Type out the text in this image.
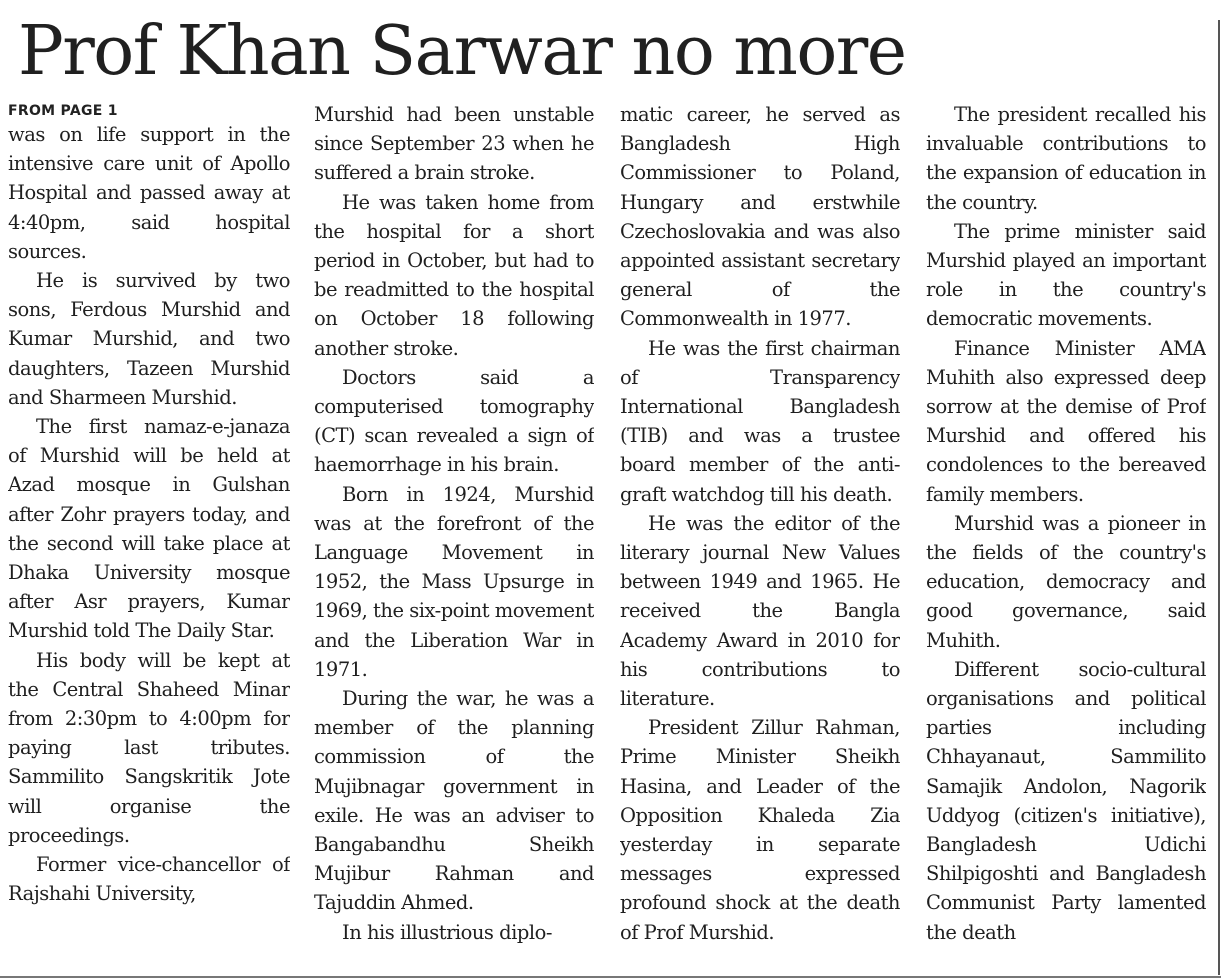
Prof Khan Sarwar no more
FROM PAGE 1

was on life support in the intensive care unit of Apollo Hospital and passed away at 4:40pm, said hospital sources.

He is survived by two sons, Ferdous Murshid and Kumar Murshid, and two daughters, Tazeen Murshid and Sharmeen Murshid.

The first namaz-e-janaza of Murshid will be held at Azad mosque in Gulshan after Zohr prayers today, and the second will take place at Dhaka University mosque after Asr prayers, Kumar Murshid told The Daily Star.

His body will be kept at the Central Shaheed Minar from 2:30pm to 4:00pm for paying last tributes. Sammilito Sangskritik Jote will organise the proceedings.

Former vice-chancellor of Rajshahi University,

Murshid had been unstable since September 23 when he suffered a brain stroke.

He was taken home from the hospital for a short period in October, but had to be readmitted to the hospital on October 18 following another stroke.

Doctors said a computerised tomography (CT) scan revealed a sign of haemorrhage in his brain.

Born in 1924, Murshid was at the forefront of the Language Movement in 1952, the Mass Upsurge in 1969, the six-point movement and the Liberation War in 1971.

During the war, he was a member of the planning commission of the Mujibnagar government in exile. He was an adviser to Bangabandhu Sheikh Mujibur Rahman and Tajuddin Ahmed.

In his illustrious diplo-

matic career, he served as Bangladesh High Commissioner to Poland, Hungary and erstwhile Czechoslovakia and was also appointed assistant secretary general of the Commonwealth in 1977.

He was the first chairman of Transparency International Bangladesh (TIB) and was a trustee board member of the anti-graft watchdog till his death.

He was the editor of the literary journal New Values between 1949 and 1965. He received the Bangla Academy Award in 2010 for his contributions to literature.

President Zillur Rahman, Prime Minister Sheikh Hasina, and Leader of the Opposition Khaleda Zia yesterday in separate messages expressed profound shock at the death of Prof Murshid.

The president recalled his invaluable contributions to the expansion of education in the country.

The prime minister said Murshid played an important role in the country's democratic movements.

Finance Minister AMA Muhith also expressed deep sorrow at the demise of Prof Murshid and offered his condolences to the bereaved family members.

Murshid was a pioneer in the fields of the country's education, democracy and good governance, said Muhith.

Different socio-cultural organisations and political parties including Chhayanaut, Sammilito Samajik Andolon, Nagorik Uddyog (citizen's initiative), Bangladesh Udichi Shilpigoshti and Bangladesh Communist Party lamented the death
